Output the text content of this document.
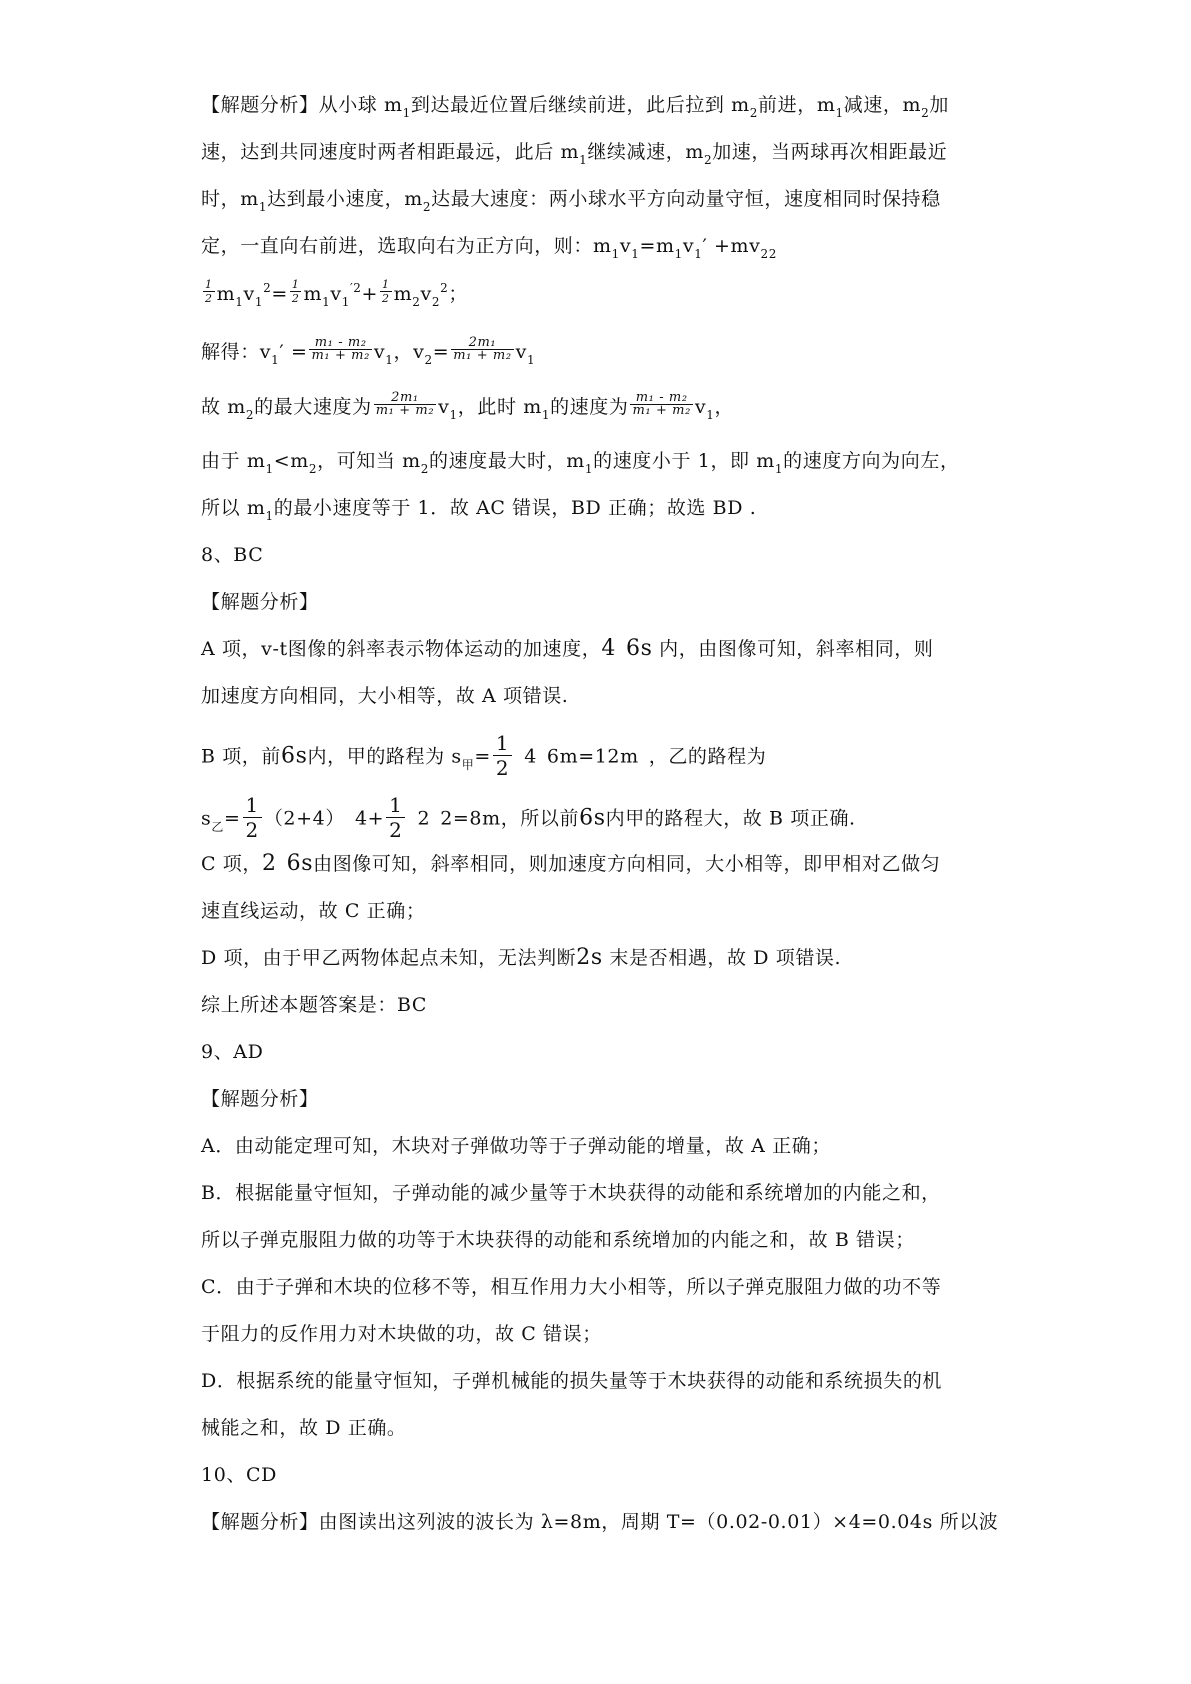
【解题分析】从小球 $m_1$到达最近位置后继续前进，此后拉到 $m_2$前进，$m_1$减速，$m_2$加
速，达到共同速度时两者相距最远，此后 $m_1$继续减速，$m_2$加速，当两球再次相距最近
时，$m_1$达到最小速度，$m_2$达最大速度：两小球水平方向动量守恒，速度相同时保持稳
定，一直向右前进，选取向右为正方向，则：$m_1v_1=m_1v_1' +mv_{22}$
$\frac{1}{2} m_1v_1^2= \frac{1}{2} m_1v_1^{'2}+ \frac{1}{2} m_2v_2^2$；
解得：$v_1' = \frac{\text{m₁ - m₂}}{\text{m₁ + m₂}} v_1$，$v_2= \frac{\text{2m₁}}{\text{m₁ + m₂}} v_1$
故 $m_2$的最大速度为 $\frac{\text{2m₁}}{\text{m₁ + m₂}} v_1$，此时 $m_1$的速度为 $\frac{\text{m₁ - m₂}}{\text{m₁ + m₂}} v_1$，
由于 $m_1<m_2$，可知当 $m_2$的速度最大时，$m_1$的速度小于 1，即 $m_1$的速度方向为向左，
所以 $m_1$的最小速度等于 1．故 AC 错误，BD 正确；故选 BD .
8、BC
【解题分析】
A 项，v-t图像的斜率表示物体运动的加速度，4 6s 内，由图像可知，斜率相同，则
加速度方向相同，大小相等，故 A 项错误.
B 项，前6s内，甲的路程为 $s_甲= \frac{1}{2} 4$ 6m=12m ，乙的路程为
$s_乙= \frac{1}{2} (2+4)$ $4+ \frac{1}{2} 2$ 2=8m，所以前6s内甲的路程大，故 B 项正确.
C 项，2 6s由图像可知，斜率相同，则加速度方向相同，大小相等，即甲相对乙做匀
速直线运动，故 C 正确；
D 项，由于甲乙两物体起点未知，无法判断2s 末是否相遇，故 D 项错误.
综上所述本题答案是：BC
9、AD
【解题分析】
A．由动能定理可知，木块对子弹做功等于子弹动能的增量，故 A 正确；
B．根据能量守恒知，子弹动能的减少量等于木块获得的动能和系统增加的内能之和，
所以子弹克服阻力做的功等于木块获得的动能和系统增加的内能之和，故 B 错误；
C．由于子弹和木块的位移不等，相互作用力大小相等，所以子弹克服阻力做的功不等
于阻力的反作用力对木块做的功，故 C 错误；
D．根据系统的能量守恒知，子弹机械能的损失量等于木块获得的动能和系统损失的机
械能之和，故 D 正确。
10、CD
【解题分析】由图读出这列波的波长为 λ=8m，周期 T=（0.02-0.01）×4=0.04s 所以波
